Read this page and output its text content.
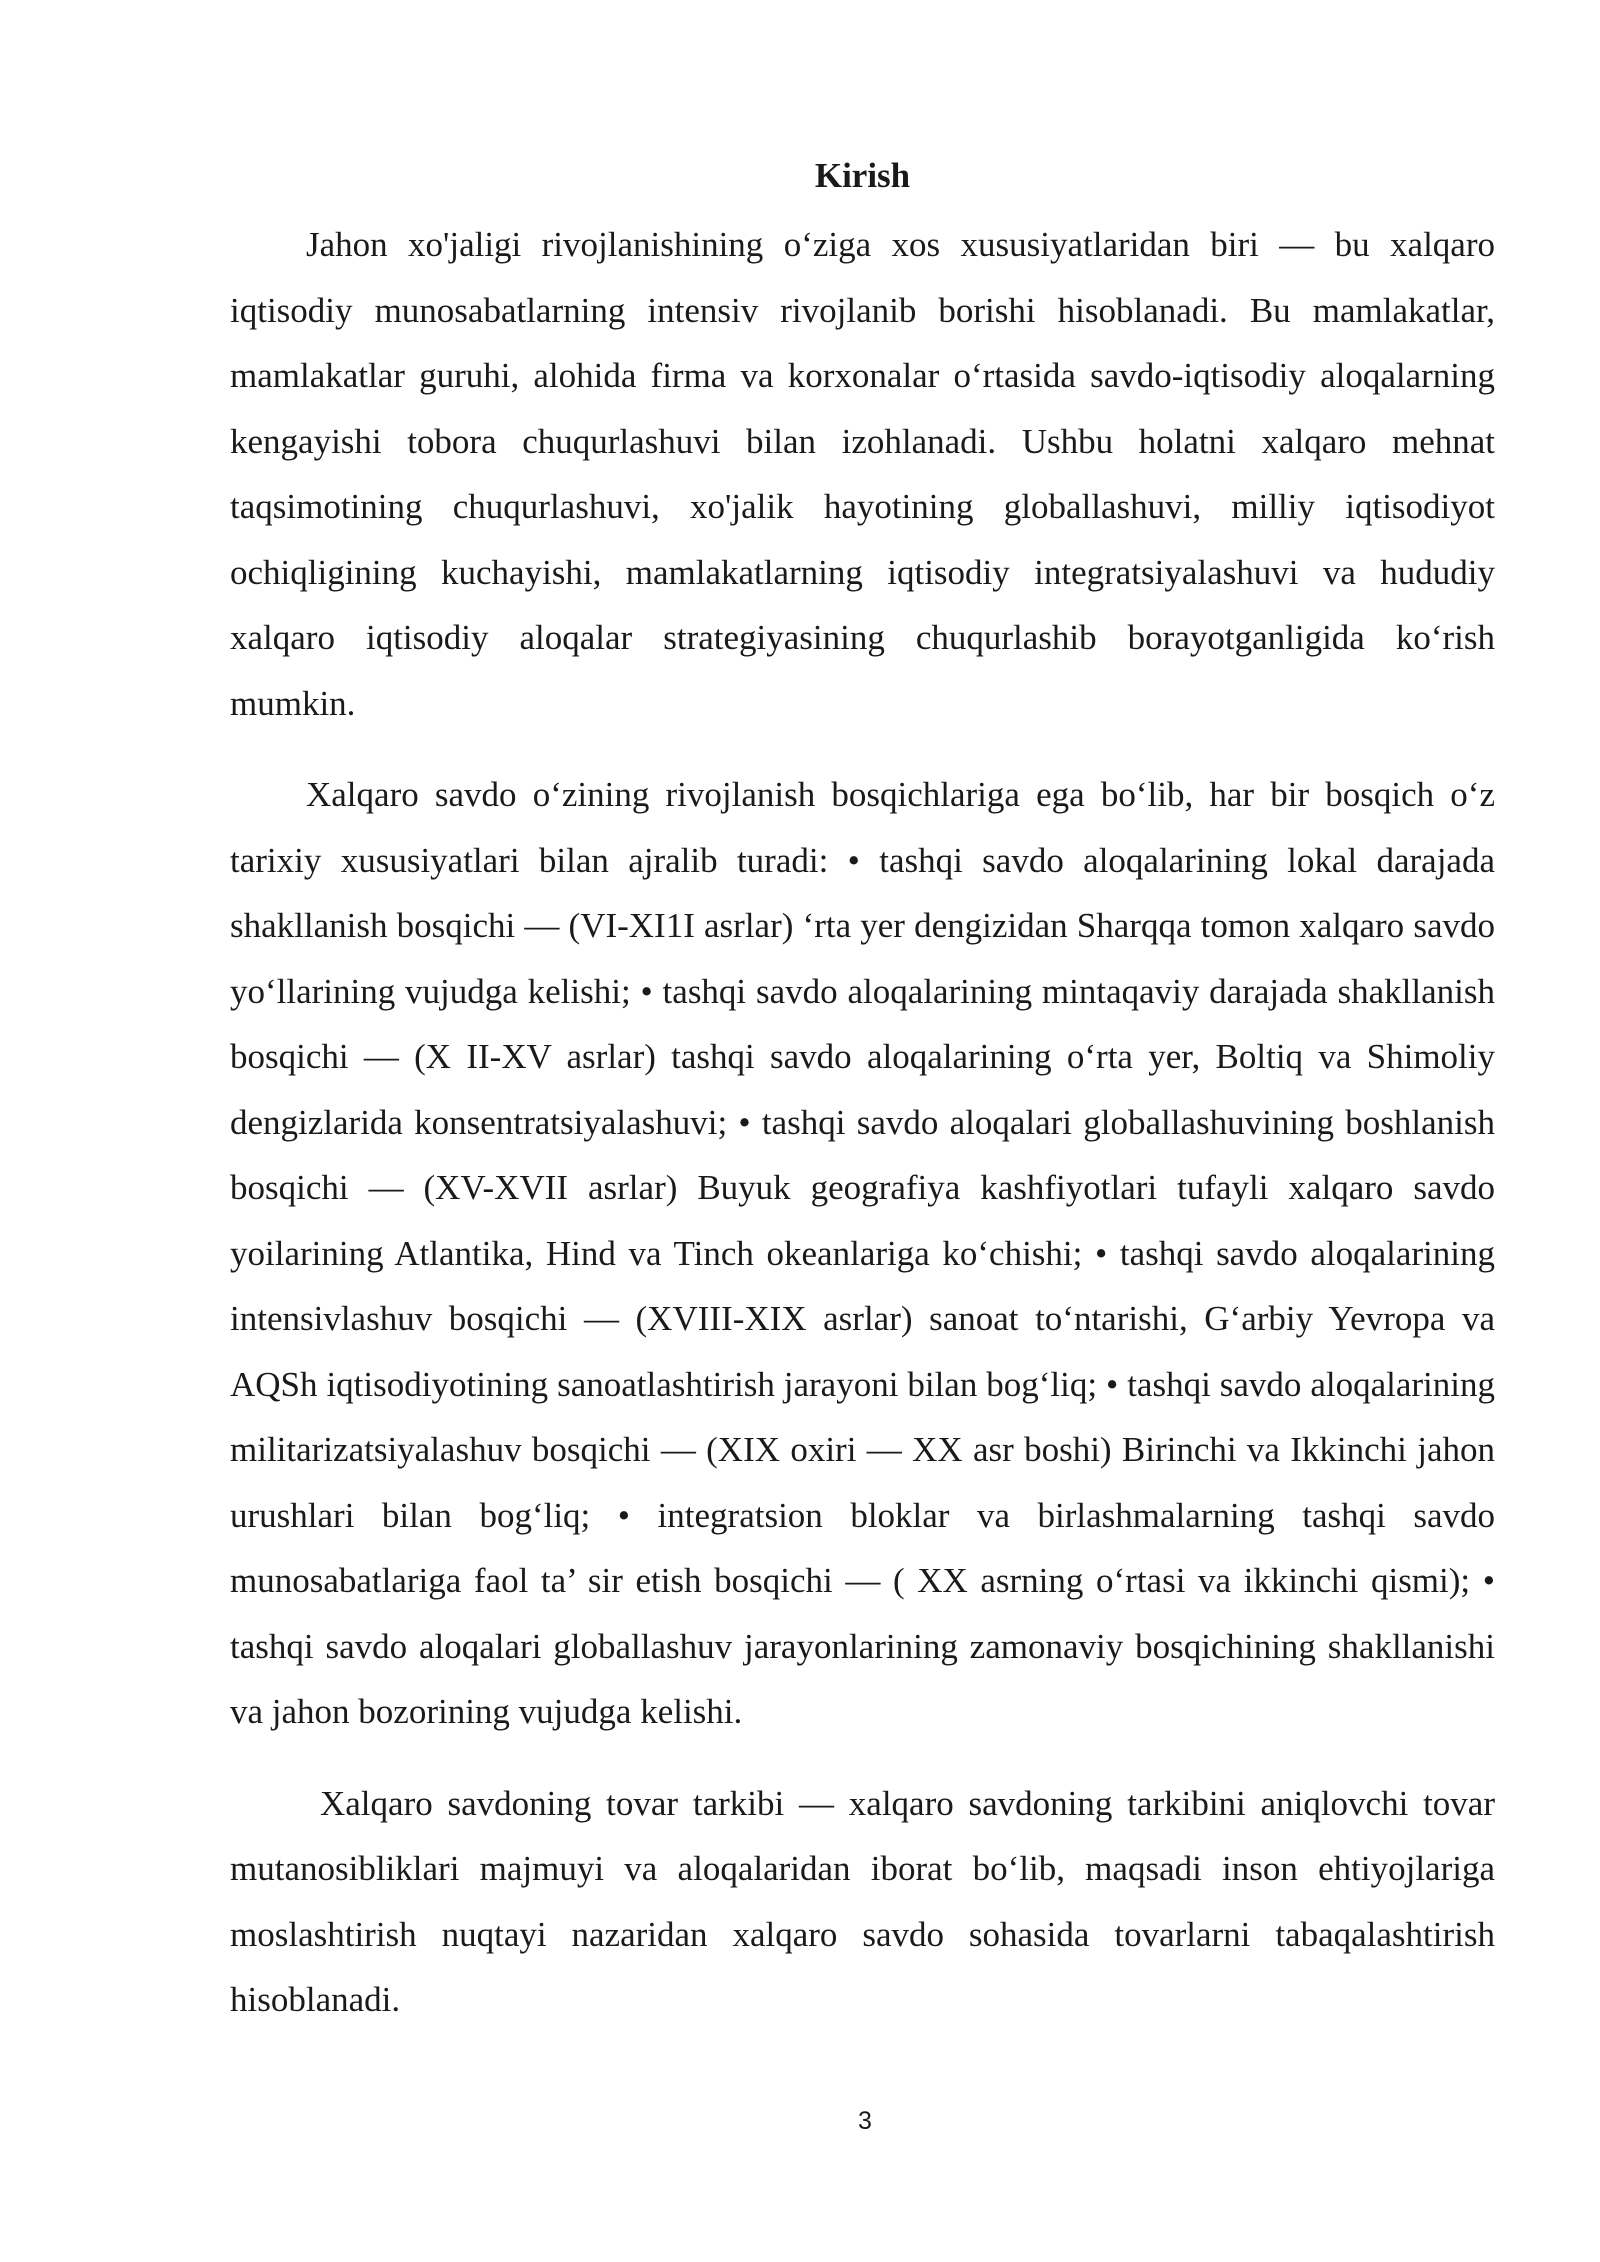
Kirish

Jahon xo'jaligi rivojlanishining o‘ziga xos xususiyatlaridan biri — bu xalqaro iqtisodiy munosabatlarning intensiv rivojlanib borishi hisoblanadi. Bu mamlakatlar, mamlakatlar guruhi, alohida firma va korxonalar o‘rtasida savdo-iqtisodiy aloqalarning kengayishi tobora chuqurlashuvi bilan izohlanadi. Ushbu holatni xalqaro mehnat taqsimotining chuqurlashuvi, xo'jalik hayotining globallashuvi, milliy iqtisodiyot ochiqligining kuchayishi, mamlakatlarning iqtisodiy integratsiyalashuvi va hududiy xalqaro iqtisodiy aloqalar strategiyasining chuqurlashib borayotganligida ko‘rish mumkin.

Xalqaro savdo o‘zining rivojlanish bosqichlariga ega bo‘lib, har bir bosqich o‘z tarixiy xususiyatlari bilan ajralib turadi: • tashqi savdo aloqalarining lokal darajada shakllanish bosqichi — (VI-XI1I asrlar) ‘rta yer dengizidan Sharqqa tomon xalqaro savdo yo‘llarining vujudga kelishi; • tashqi savdo aloqalarining mintaqaviy darajada shakllanish bosqichi — (X II-XV asrlar) tashqi savdo aloqalarining o‘rta yer, Boltiq va Shimoliy dengizlarida konsentratsiyalashuvi; • tashqi savdo aloqalari globallashuvining boshlanish bosqichi — (XV-XVII asrlar) Buyuk geografiya kashfiyotlari tufayli xalqaro savdo yoilarining Atlantika, Hind va Tinch okeanlariga ko‘chishi; • tashqi savdo aloqalarining intensivlashuv bosqichi — (XVIII-XIX asrlar) sanoat to‘ntarishi, G‘arbiy Yevropa va AQSh iqtisodiyotining sanoatlashtirish jarayoni bilan bog‘liq; • tashqi savdo aloqalarining militarizatsiyalashuv bosqichi — (XIX oxiri — XX asr boshi) Birinchi va Ikkinchi jahon urushlari bilan bog‘liq; • integratsion bloklar va birlashmalarning tashqi savdo munosabatlariga faol ta’ sir etish bosqichi — ( XX asrning o‘rtasi va ikkinchi qismi); • tashqi savdo aloqalari globallashuv jarayonlarining zamonaviy bosqichining shakllanishi va jahon bozorining vujudga kelishi.

Xalqaro savdoning tovar tarkibi — xalqaro savdoning tarkibini aniqlovchi tovar mutanosibliklari majmuyi va aloqalaridan iborat bo‘lib, maqsadi inson ehtiyojlariga moslashtirish nuqtayi nazaridan xalqaro savdo sohasida tovarlarni tabaqalashtirish hisoblanadi.

3
